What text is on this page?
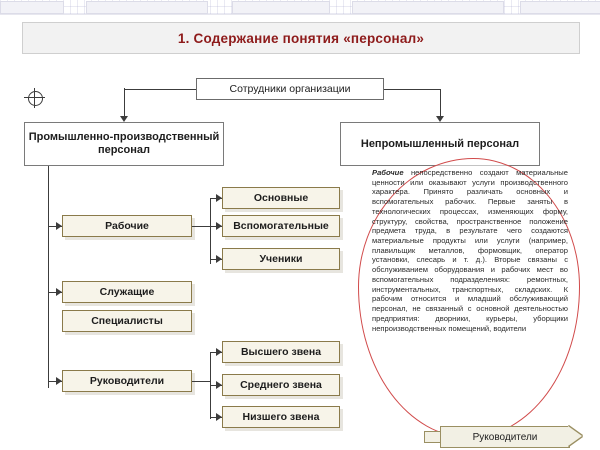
1. Содержание понятия «персонал»
Сотрудники организации
Промышленно-производственный персонал
Непромышленный персонал
Рабочие
Служащие
Специалисты
Руководители
Основные
Вспомогательные
Ученики
Высшего звена
Среднего звена
Низшего звена
Рабочие непосредственно создают материальные ценности или оказывают услуги производственного характера. Принято различать основных и вспомогательных рабочих. Первые заняты в технологических процессах, изменяющих форму, структуру, свойства, пространственное положение предмета труда, в результате чего создаются материальные продукты или услуги (например, плавильщик металлов, формовщик, оператор установки, слесарь и т. д.). Вторые связаны с обслуживанием оборудования и рабочих мест во вспомогательных подразделениях: ремонтных, инструментальных, транспортных, складских. К рабочим относится и младший обслуживающий персонал, не связанный с основной деятельностью предприятия: дворники, курьеры, уборщики непроизводственных помещений, водители
Руководители
